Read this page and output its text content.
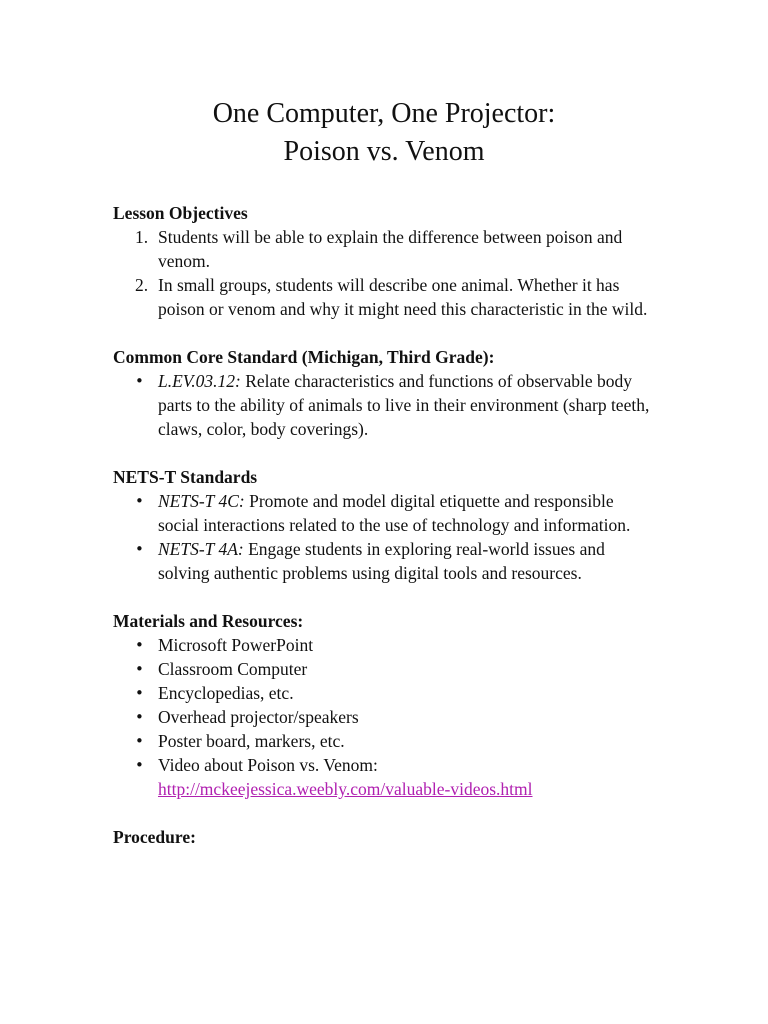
One Computer, One Projector:
Poison vs. Venom

Lesson Objectives

1. Students will be able to explain the difference between poison and venom.
2. In small groups, students will describe one animal. Whether it has poison or venom and why it might need this characteristic in the wild.

Common Core Standard (Michigan, Third Grade):

• L.EV.03.12: Relate characteristics and functions of observable body parts to the ability of animals to live in their environment (sharp teeth, claws, color, body coverings).

NETS-T Standards

• NETS-T 4C: Promote and model digital etiquette and responsible social interactions related to the use of technology and information.
• NETS-T 4A: Engage students in exploring real-world issues and solving authentic problems using digital tools and resources.

Materials and Resources:

• Microsoft PowerPoint
• Classroom Computer
• Encyclopedias, etc.
• Overhead projector/speakers
• Poster board, markers, etc.
• Video about Poison vs. Venom:
http://mckeejessica.weebly.com/valuable-videos.html

Procedure:
